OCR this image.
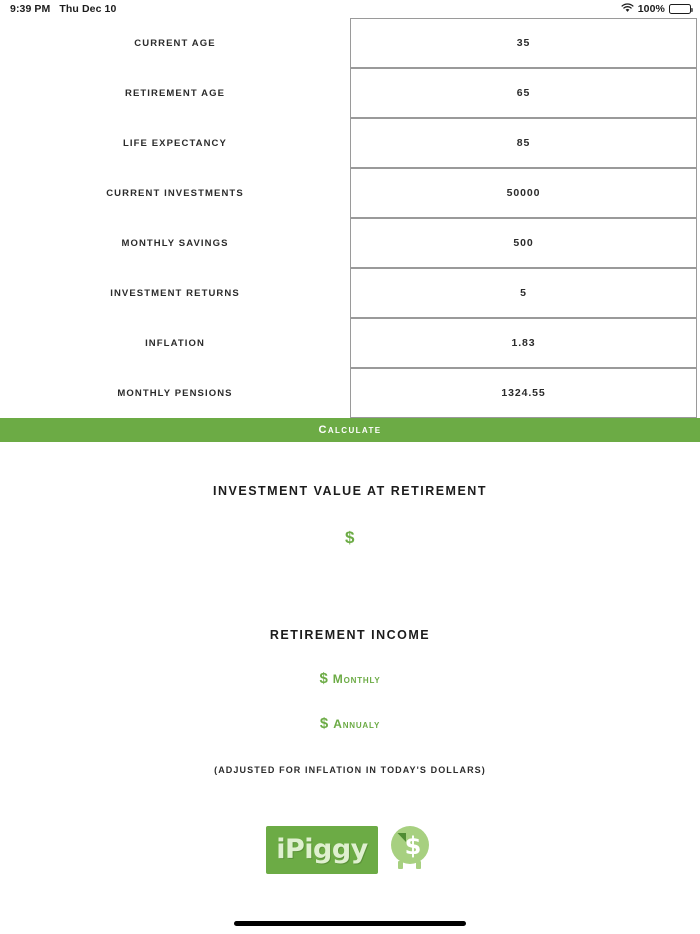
9:39 PM Thu Dec 10	100%
CURRENT AGE	35
RETIREMENT AGE	65
LIFE EXPECTANCY	85
CURRENT INVESTMENTS	50000
MONTHLY SAVINGS	500
INVESTMENT RETURNS	5
INFLATION	1.83
MONTHLY PENSIONS	1324.55
Calculate
INVESTMENT VALUE AT RETIREMENT
$
RETIREMENT INCOME
$ Monthly
$ Annualy
(ADJUSTED FOR INFLATION IN TODAY'S DOLLARS)
iPiggy $
